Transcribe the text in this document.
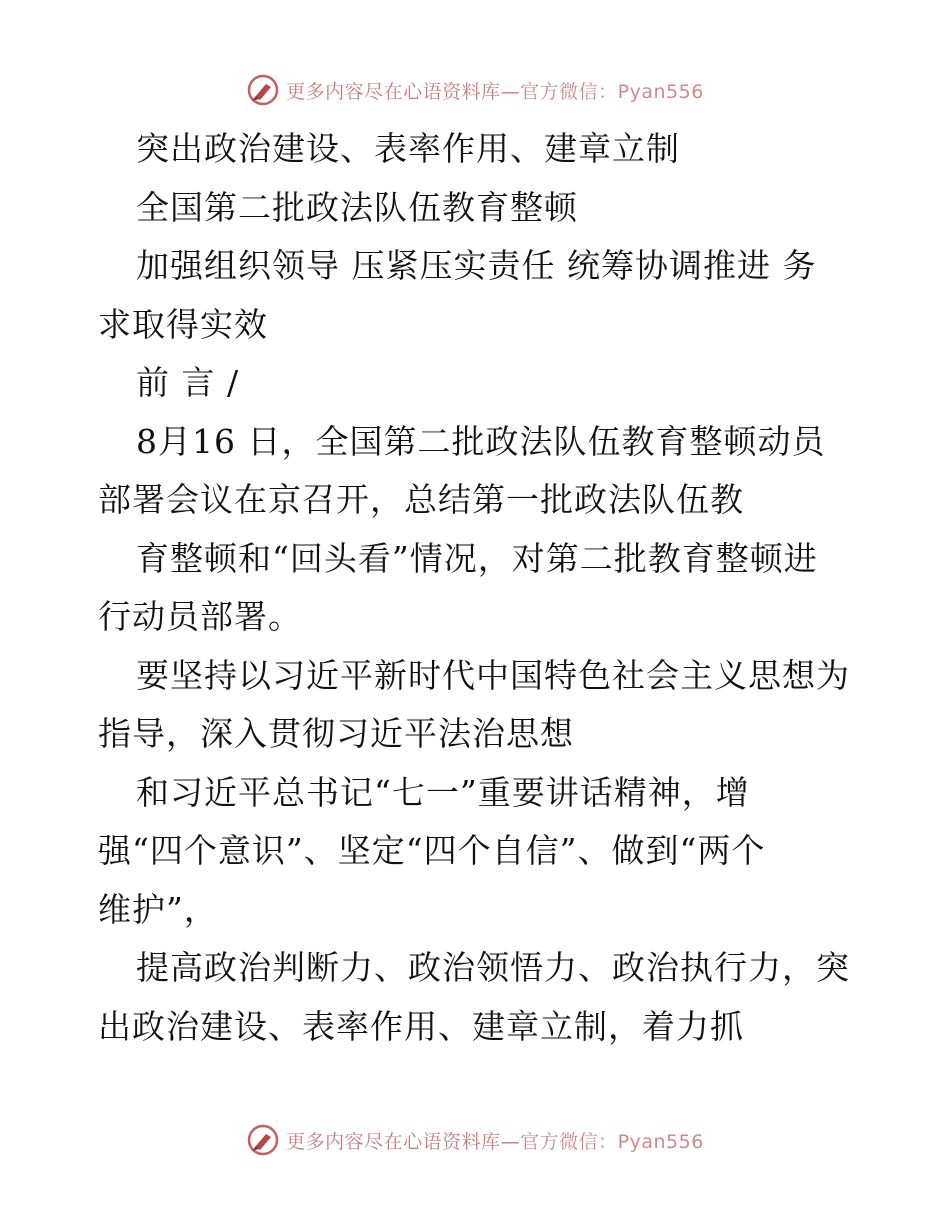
更多内容尽在心语资料库—官方微信：Pyan556
突出政治建设、表率作用、建章立制
全国第二批政法队伍教育整顿
加强组织领导 压紧压实责任 统筹协调推进 务
求取得实效
前 言 /
8月16 日，全国第二批政法队伍教育整顿动员
部署会议在京召开，总结第一批政法队伍教
育整顿和“回头看”情况，对第二批教育整顿进
行动员部署。
要坚持以习近平新时代中国特色社会主义思想为
指导，深入贯彻习近平法治思想
和习近平总书记“七一”重要讲话精神，增
强“四个意识”、坚定“四个自信”、做到“两个
维护”，
提高政治判断力、政治领悟力、政治执行力，突
出政治建设、表率作用、建章立制，着力抓
更多内容尽在心语资料库—官方微信：Pyan556
